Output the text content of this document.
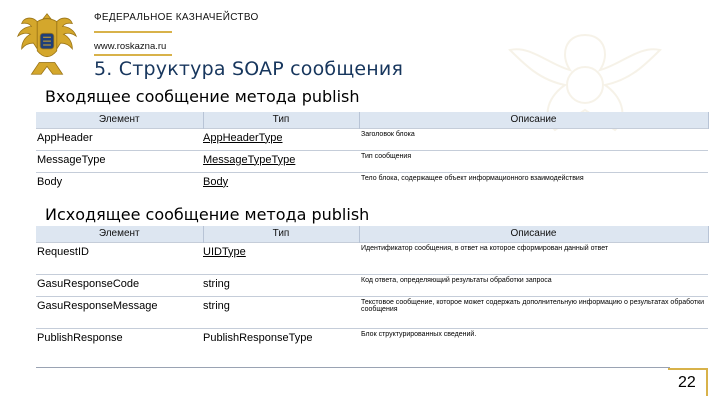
ФЕДЕРАЛЬНОЕ КАЗНАЧЕЙСТВО
www.roskazna.ru
5. Структура SOAP сообщения
Входящее сообщение метода publish
Элемент	Тип	Описание
AppHeader	AppHeaderType	Заголовок блока
MessageType	MessageTypeType	Тип сообщения
Body	Body	Тело блока, содержащее объект информационного взаимодействия
Исходящее сообщение метода publish
Элемент	Тип	Описание
RequestID	UIDType	Идентификатор сообщения, в ответ на которое сформирован данный ответ
GasuResponseCode	string	Код ответа, определяющий результаты обработки запроса
GasuResponseMessage	string	Текстовое сообщение, которое может содержать дополнительную информацию о результатах обработки сообщения
PublishResponse	PublishResponseType	Блок структурированных сведений.
22
